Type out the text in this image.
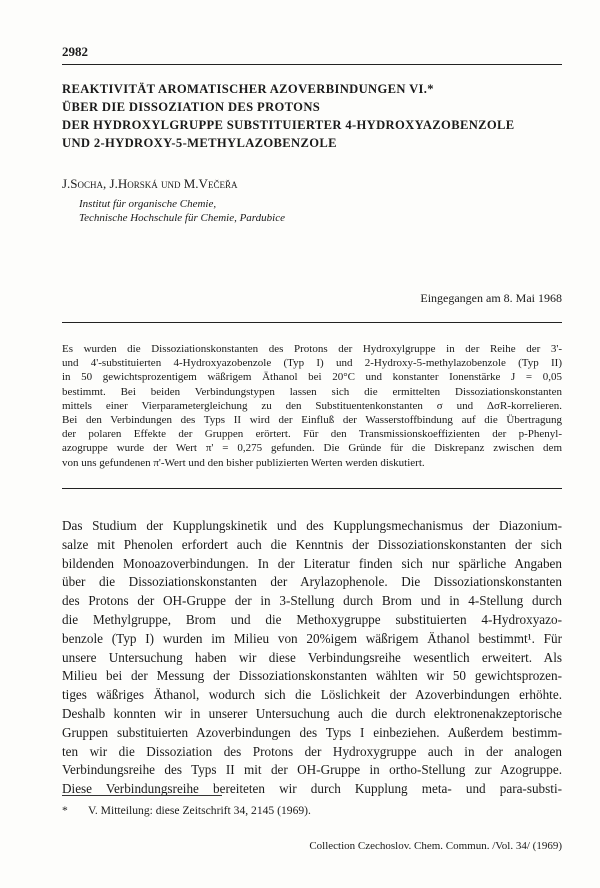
2982
REAKTIVITÄT AROMATISCHER AZOVERBINDUNGEN VI.*
ÜBER DIE DISSOZIATION DES PROTONS
DER HYDROXYLGRUPPE SUBSTITUIERTER 4-HYDROXYAZOBENZOLE
UND 2-HYDROXY-5-METHYLAZOBENZOLE
J.Socha, J.Horská und M.Večeřa
Institut für organische Chemie,
Technische Hochschule für Chemie, Pardubice
Eingegangen am 8. Mai 1968
Es wurden die Dissoziationskonstanten des Protons der Hydroxylgruppe in der Reihe der 3'-
und 4'-substituierten 4-Hydroxyazobenzole (Typ I) und 2-Hydroxy-5-methylazobenzole (Typ II)
in 50 gewichtsprozentigem wäßrigem Äthanol bei 20°C und konstanter Ionenstärke J = 0,05
bestimmt. Bei beiden Verbindungstypen lassen sich die ermittelten Dissoziationskonstanten
mittels einer Vierparametergleichung zu den Substituentenkonstanten σ und ΔσR-korrelieren.
Bei den Verbindungen des Typs II wird der Einfluß der Wasserstoffbindung auf die Übertragung
der polaren Effekte der Gruppen erörtert. Für den Transmissionskoeffizienten der p-Phenyl-
azogruppe wurde der Wert π' = 0,275 gefunden. Die Gründe für die Diskrepanz zwischen dem
von uns gefundenen π'-Wert und den bisher publizierten Werten werden diskutiert.
Das Studium der Kupplungskinetik und des Kupplungsmechanismus der Diazonium-
salze mit Phenolen erfordert auch die Kenntnis der Dissoziationskonstanten der sich
bildenden Monoazoverbindungen. In der Literatur finden sich nur spärliche Angaben
über die Dissoziationskonstanten der Arylazophenole. Die Dissoziationskonstanten
des Protons der OH-Gruppe der in 3-Stellung durch Brom und in 4-Stellung durch
die Methylgruppe, Brom und die Methoxygruppe substituierten 4-Hydroxyazo-
benzole (Typ I) wurden im Milieu von 20%igem wäßrigem Äthanol bestimmt¹. Für
unsere Untersuchung haben wir diese Verbindungsreihe wesentlich erweitert. Als
Milieu bei der Messung der Dissoziationskonstanten wählten wir 50 gewichtsprozen-
tiges wäßriges Äthanol, wodurch sich die Löslichkeit der Azoverbindungen erhöhte.
Deshalb konnten wir in unserer Untersuchung auch die durch elektronenakzeptorische
Gruppen substituierten Azoverbindungen des Typs I einbeziehen. Außerdem bestimm-
ten wir die Dissoziation des Protons der Hydroxygruppe auch in der analogen
Verbindungsreihe des Typs II mit der OH-Gruppe in ortho-Stellung zur Azogruppe.
Diese Verbindungsreihe bereiteten wir durch Kupplung meta- und para-substi-
* V. Mitteilung: diese Zeitschrift 34, 2145 (1969).
Collection Czechoslov. Chem. Commun. /Vol. 34/ (1969)
